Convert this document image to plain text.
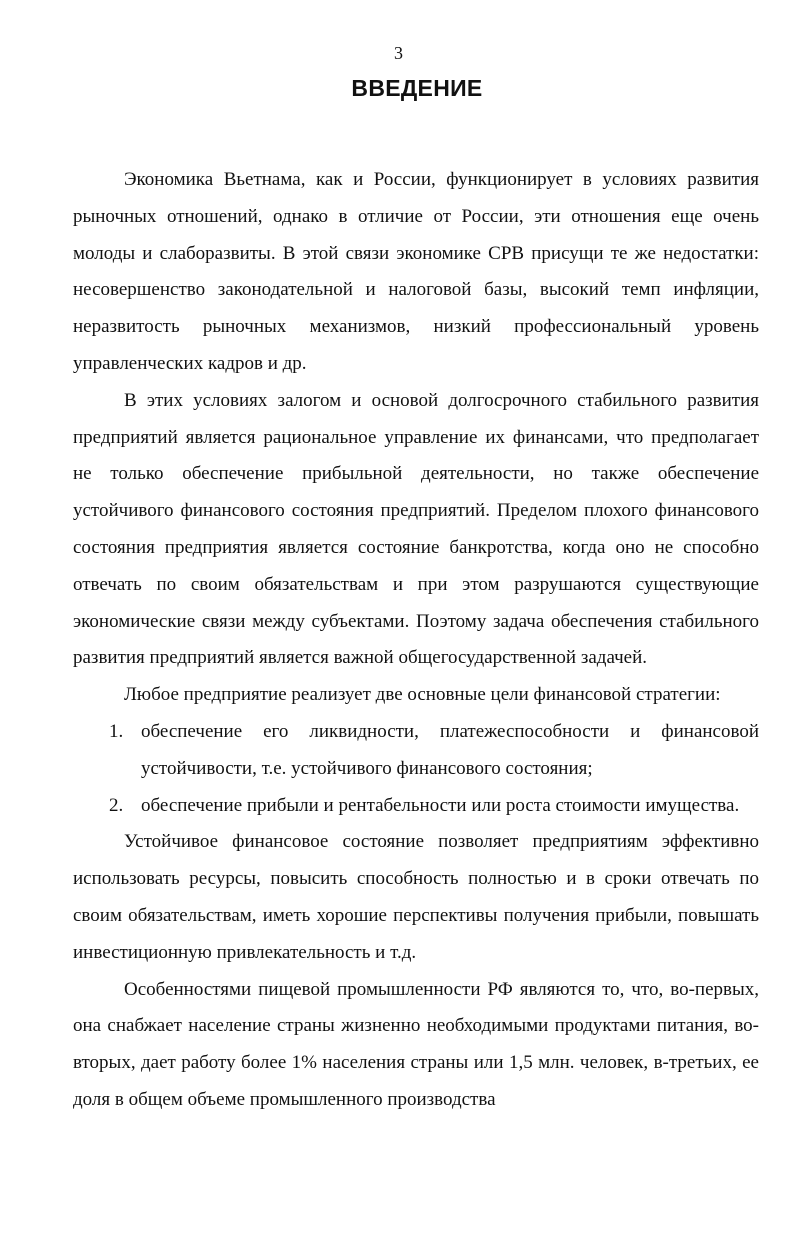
3
ВВЕДЕНИЕ

Экономика Вьетнама, как и России, функционирует в условиях развития рыночных отношений, однако в отличие от России, эти отношения еще очень молоды и слаборазвиты. В этой связи экономике СРВ присущи те же недостатки: несовершенство законодательной и налоговой базы, высокий темп инфляции, неразвитость рыночных механизмов, низкий профессиональный уровень управленческих кадров и др.

В этих условиях залогом и основой долгосрочного стабильного развития предприятий является рациональное управление их финансами, что предполагает не только обеспечение прибыльной деятельности, но также обеспечение устойчивого финансового состояния предприятий. Пределом плохого финансового состояния предприятия является состояние банкротства, когда оно не способно отвечать по своим обязательствам и при этом разрушаются существующие экономические связи между субъектами. Поэтому задача обеспечения стабильного развития предприятий является важной общегосударственной задачей.

Любое предприятие реализует две основные цели финансовой стратегии:

1. обеспечение его ликвидности, платежеспособности и финансовой устойчивости, т.е. устойчивого финансового состояния;
2. обеспечение прибыли и рентабельности или роста стоимости имущества.

Устойчивое финансовое состояние позволяет предприятиям эффективно использовать ресурсы, повысить способность полностью и в сроки отвечать по своим обязательствам, иметь хорошие перспективы получения прибыли, повышать инвестиционную привлекательность и т.д.

Особенностями пищевой промышленности РФ являются то, что, во-первых, она снабжает население страны жизненно необходимыми продуктами питания, во-вторых, дает работу более 1% населения страны или 1,5 млн. человек, в-третьих, ее доля в общем объеме промышленного производства
